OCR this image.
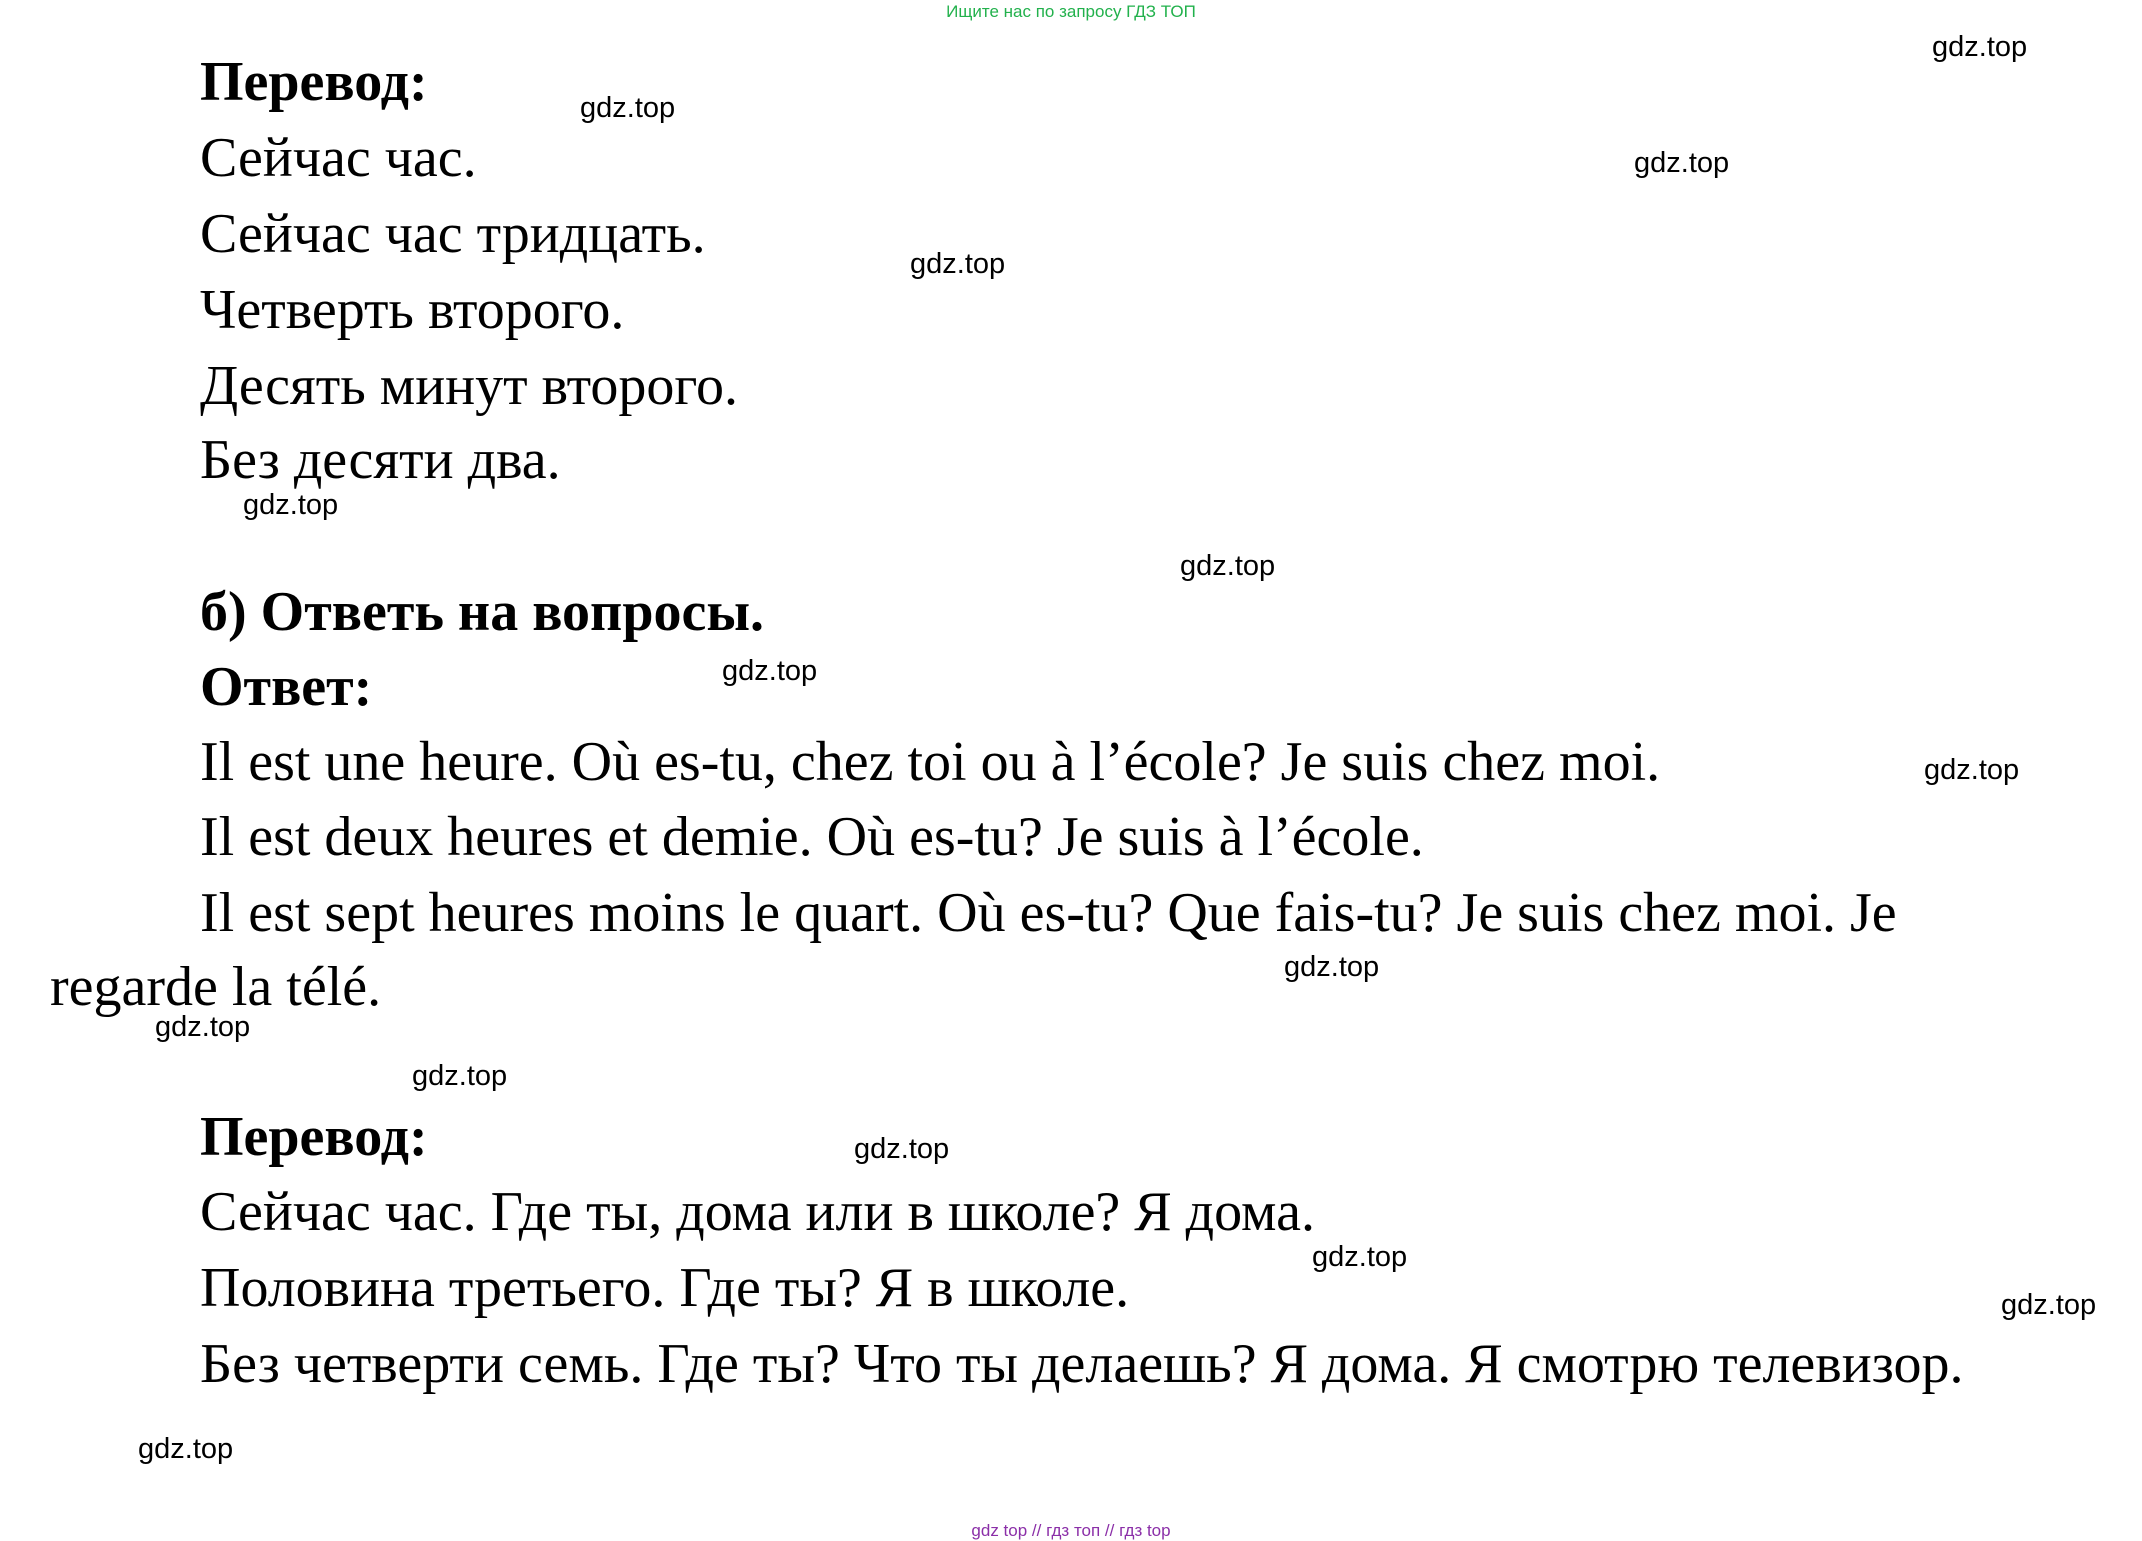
Ищите нас по запросу ГДЗ ТОП
Перевод:
Сейчас час.
Сейчас час тридцать.
Четверть второго.
Десять минут второго.
Без десяти два.
б) Ответь на вопросы.
Ответ:
Il est une heure. Où es-tu, chez toi ou à l’école? Je suis chez moi.
Il est deux heures et demie. Où es-tu? Je suis à l’école.
Il est sept heures moins le quart. Où es-tu? Que fais-tu? Je suis chez moi. Je
regarde la télé.
Перевод:
Сейчас час. Где ты, дома или в школе? Я дома.
Половина третьего. Где ты? Я в школе.
Без четверти семь. Где ты? Что ты делаешь? Я дома. Я смотрю телевизор.
gdz.top
gdz.top
gdz.top
gdz.top
gdz.top
gdz.top
gdz.top
gdz.top
gdz.top
gdz.top
gdz.top
gdz.top
gdz.top
gdz.top
gdz.top
gdz top // гдз топ // гдз top
